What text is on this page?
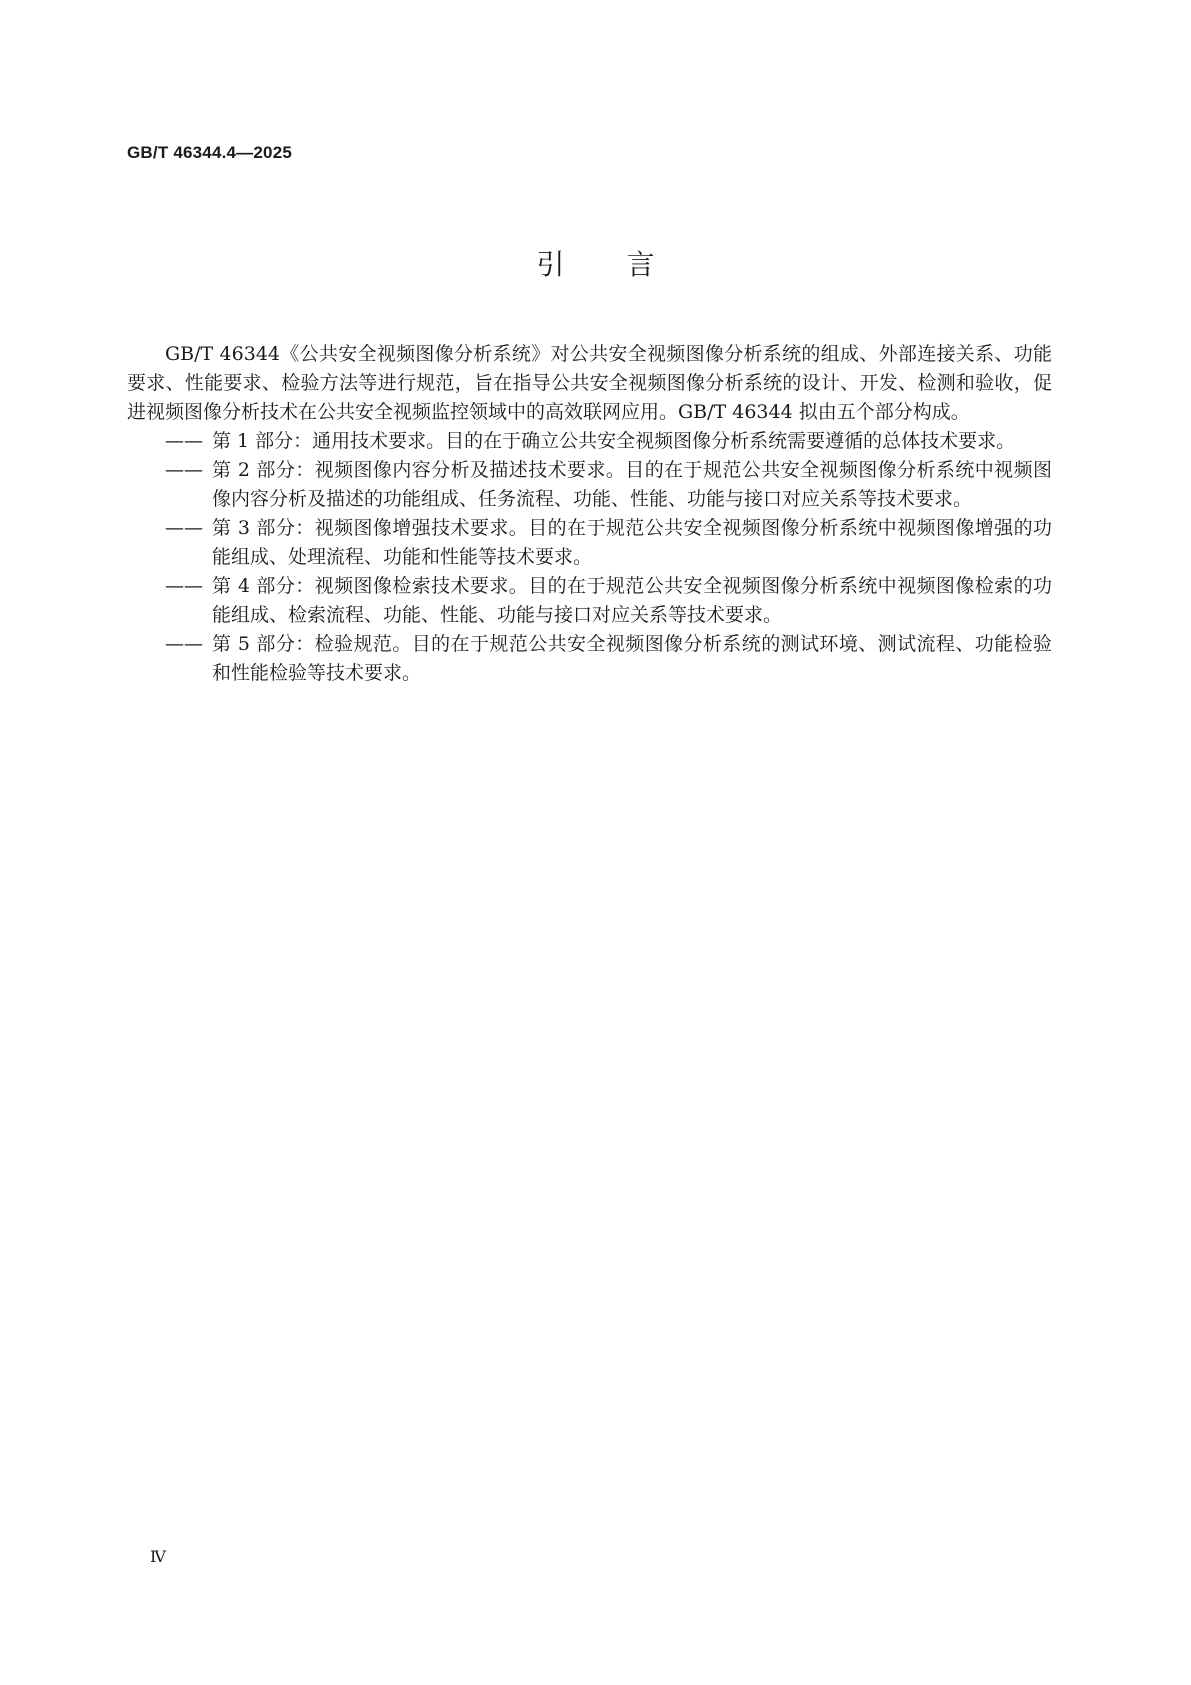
GB/T 46344.4—2025
引言

GB/T 46344《公共安全视频图像分析系统》对公共安全视频图像分析系统的组成、外部连接关系、功能要求、性能要求、检验方法等进行规范，旨在指导公共安全视频图像分析系统的设计、开发、检测和验收，促进视频图像分析技术在公共安全视频监控领域中的高效联网应用。GB/T 46344 拟由五个部分构成。

—— 第 1 部分：通用技术要求。目的在于确立公共安全视频图像分析系统需要遵循的总体技术要求。
—— 第 2 部分：视频图像内容分析及描述技术要求。目的在于规范公共安全视频图像分析系统中视频图像内容分析及描述的功能组成、任务流程、功能、性能、功能与接口对应关系等技术要求。
—— 第 3 部分：视频图像增强技术要求。目的在于规范公共安全视频图像分析系统中视频图像增强的功能组成、处理流程、功能和性能等技术要求。
—— 第 4 部分：视频图像检索技术要求。目的在于规范公共安全视频图像分析系统中视频图像检索的功能组成、检索流程、功能、性能、功能与接口对应关系等技术要求。
—— 第 5 部分：检验规范。目的在于规范公共安全视频图像分析系统的测试环境、测试流程、功能检验和性能检验等技术要求。
Ⅳ
